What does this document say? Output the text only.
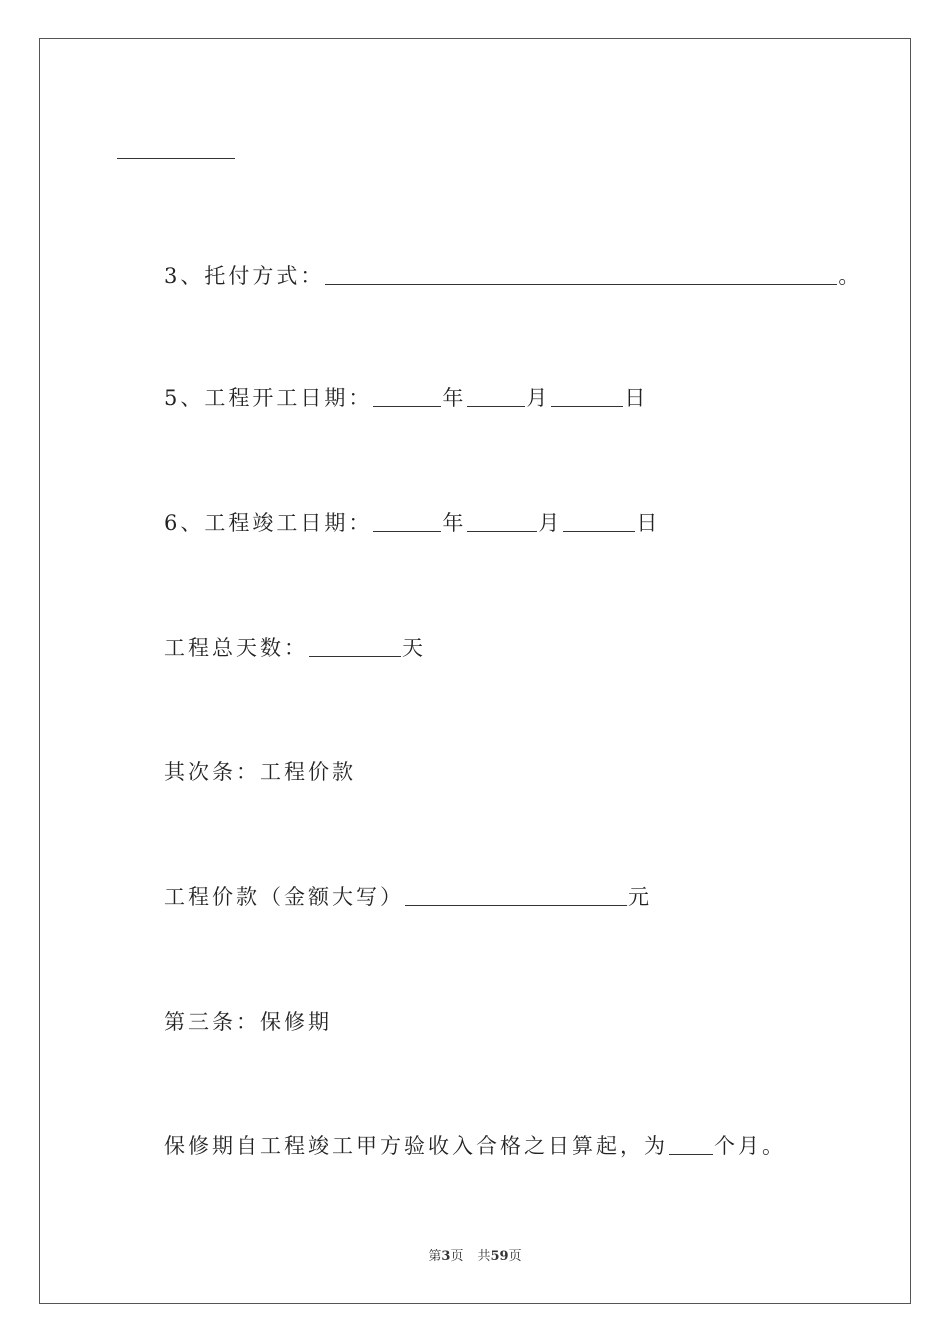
3、托付方式：	。
5、工程开工日期：	年	月	日
6、工程竣工日期：	年	月	日
工程总天数：	天
其次条：工程价款
工程价款（金额大写）	元
第三条：保修期
保修期自工程竣工甲方验收入合格之日算起，为 个月。
第3页 共59页
